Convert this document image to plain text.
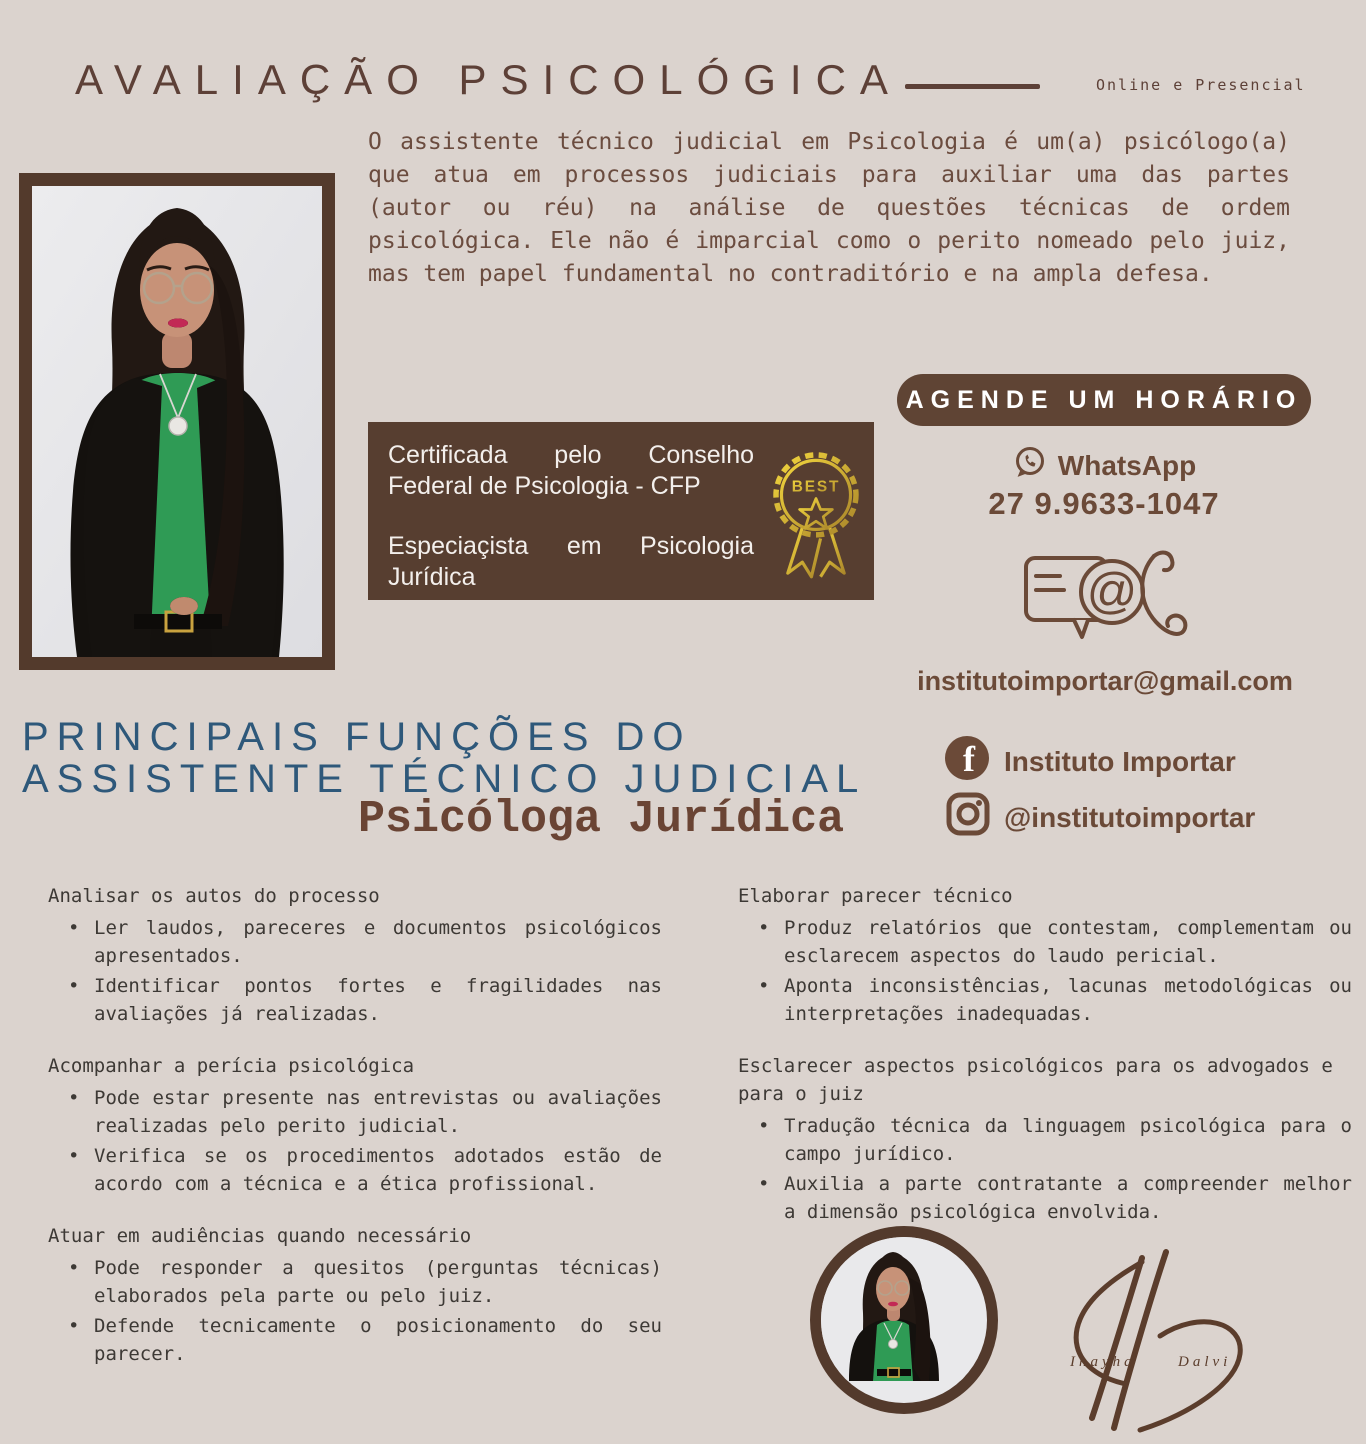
AVALIAÇÃO PSICOLÓGICA	Online e Presencial
O assistente técnico judicial em Psicologia é um(a) psicólogo(a) que atua em processos judiciais para auxiliar uma das partes (autor ou réu) na análise de questões técnicas de ordem psicológica. Ele não é imparcial como o perito nomeado pelo juiz, mas tem papel fundamental no contraditório e na ampla defesa.
Certificada pelo Conselho Federal de Psicologia - CFP
Especiaçista em Psicologia Jurídica
BEST
AGENDE UM HORÁRIO
WhatsApp
27 9.9633-1047
@
institutoimportar@gmail.com
PRINCIPAIS FUNÇÕES DO
ASSISTENTE TÉCNICO JUDICIAL
Psicóloga Jurídica
f Instituto Importar
@institutoimportar
Analisar os autos do processo
• Ler laudos, pareceres e documentos psicológicos apresentados.
• Identificar pontos fortes e fragilidades nas avaliações já realizadas.
Acompanhar a perícia psicológica
• Pode estar presente nas entrevistas ou avaliações realizadas pelo perito judicial.
• Verifica se os procedimentos adotados estão de acordo com a técnica e a ética profissional.
Atuar em audiências quando necessário
• Pode responder a quesitos (perguntas técnicas) elaborados pela parte ou pelo juiz.
• Defende tecnicamente o posicionamento do seu parecer.
Elaborar parecer técnico
• Produz relatórios que contestam, complementam ou esclarecem aspectos do laudo pericial.
• Aponta inconsistências, lacunas metodológicas ou interpretações inadequadas.
Esclarecer aspectos psicológicos para os advogados e para o juiz
• Tradução técnica da linguagem psicológica para o campo jurídico.
• Auxilia a parte contratante a compreender melhor a dimensão psicológica envolvida.
Inayha	Dalvi
